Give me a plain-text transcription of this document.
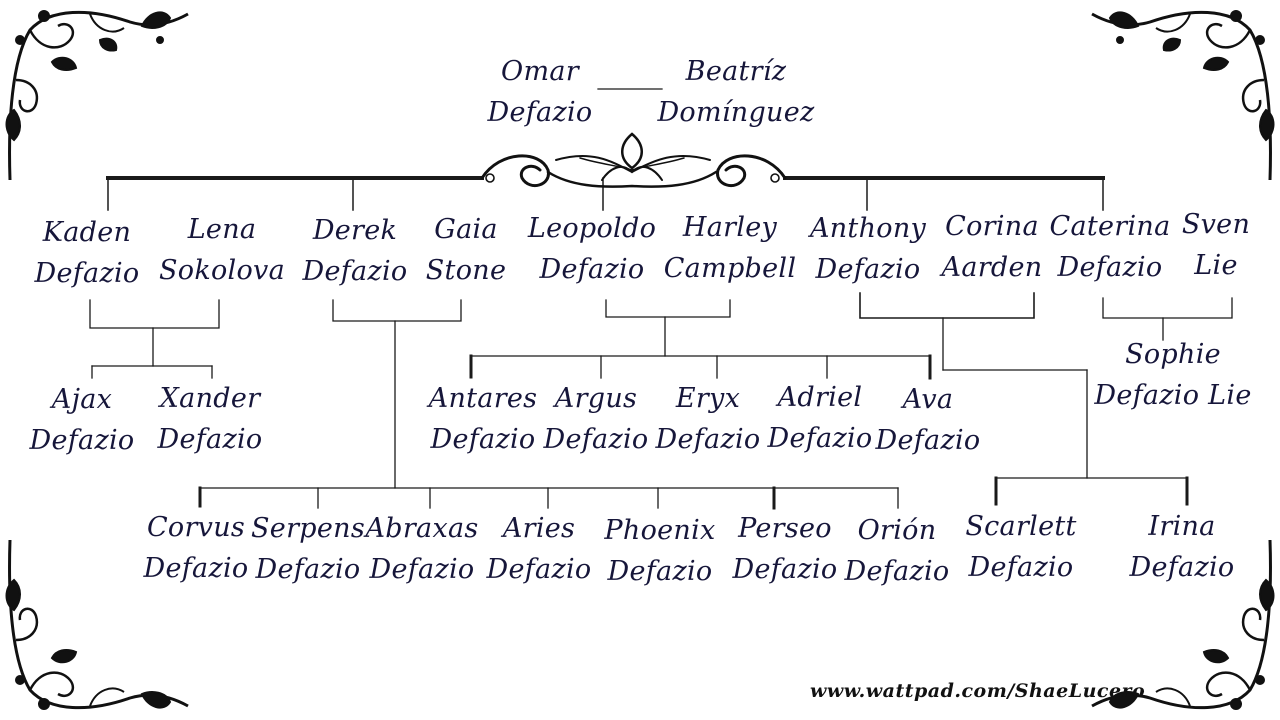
Omar
Defazio
Beatríz
Domínguez
Kaden
Defazio
Lena
Sokolova
Derek
Defazio
Gaia
Stone
Leopoldo
Defazio
Harley
Campbell
Anthony
Defazio
Corina
Aarden
Caterina
Defazio
Sven
Lie
Ajax
Defazio
Xander
Defazio
Antares
Defazio
Argus
Defazio
Eryx
Defazio
Adriel
Defazio
Ava
Defazio
Sophie
Defazio Lie
Corvus
Defazio
Serpens
Defazio
Abraxas
Defazio
Aries
Defazio
Phoenix
Defazio
Perseo
Defazio
Orión
Defazio
Scarlett
Defazio
Irina
Defazio
www.wattpad.com/ShaeLucero
